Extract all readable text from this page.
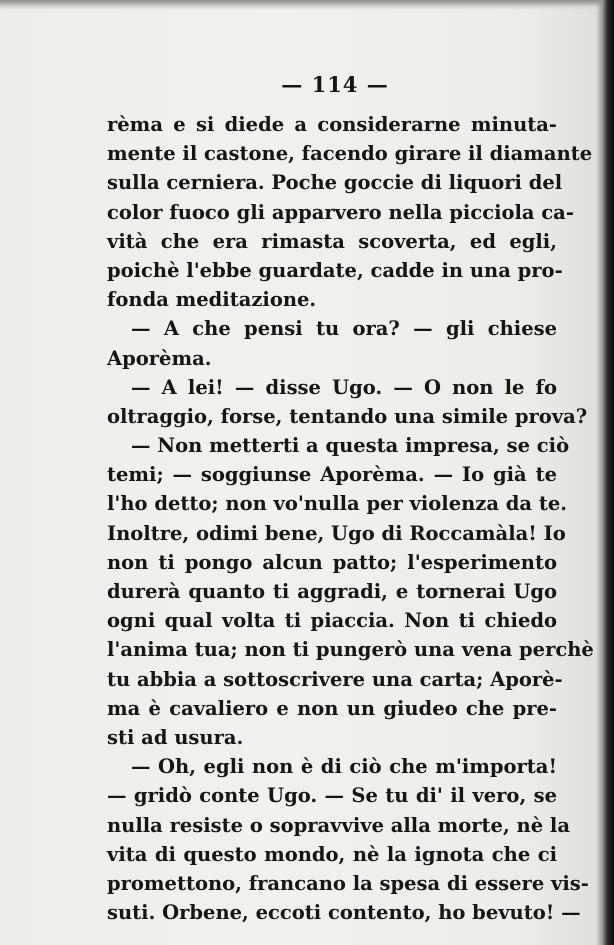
— 114 —
rèma e si diede a considerarne minuta-
mente il castone, facendo girare il diamante
sulla cerniera. Poche goccie di liquori del
color fuoco gli apparvero nella picciola ca-
vità che era rimasta scoverta, ed egli,
poichè l'ebbe guardate, cadde in una pro-
fonda meditazione.
— A che pensi tu ora? — gli chiese
Aporèma.
— A lei! — disse Ugo. — O non le fo
oltraggio, forse, tentando una simile prova?
— Non metterti a questa impresa, se ciò
temi; — soggiunse Aporèma. — Io già te
l'ho detto; non vo'nulla per violenza da te.
Inoltre, odimi bene, Ugo di Roccamàla! Io
non ti pongo alcun patto; l'esperimento
durerà quanto ti aggradi, e tornerai Ugo
ogni qual volta ti piaccia. Non ti chiedo
l'anima tua; non ti pungerò una vena perchè
tu abbia a sottoscrivere una carta; Aporè-
ma è cavaliero e non un giudeo che pre-
sti ad usura.
— Oh, egli non è di ciò che m'importa!
— gridò conte Ugo. — Se tu di' il vero, se
nulla resiste o sopravvive alla morte, nè la
vita di questo mondo, nè la ignota che ci
promettono, francano la spesa di essere vis-
suti. Orbene, eccoti contento, ho bevuto! —
